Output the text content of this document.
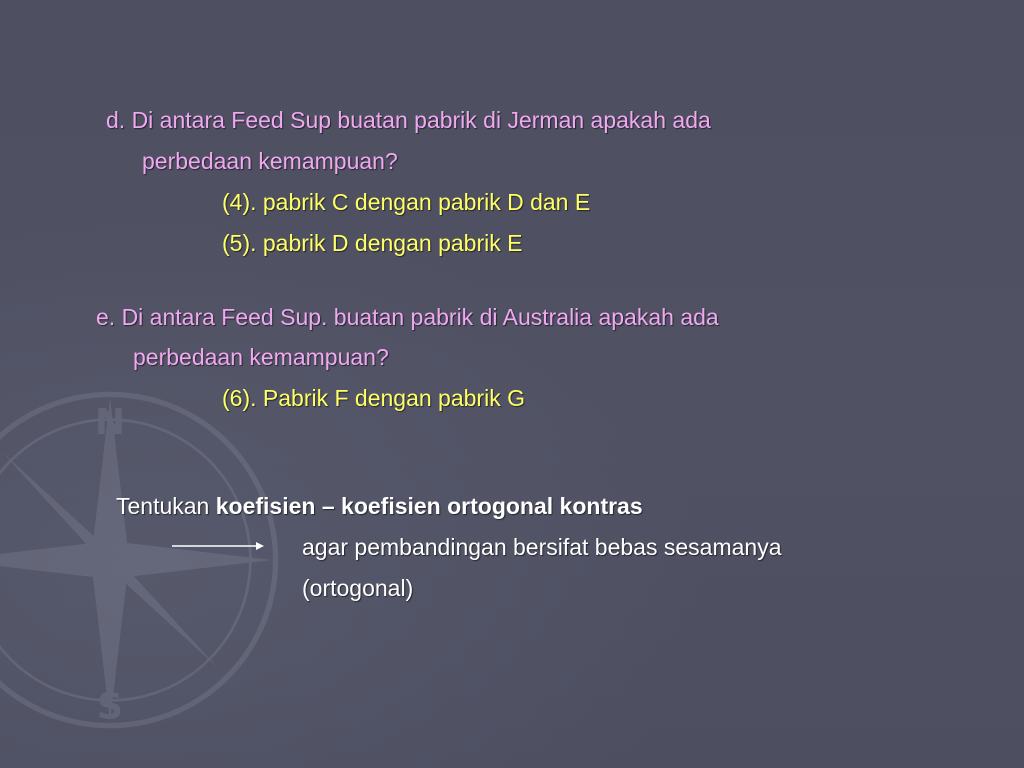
N
S
d. Di antara Feed Sup buatan pabrik di Jerman apakah ada
perbedaan kemampuan?
(4). pabrik C dengan pabrik D dan E
(5). pabrik D dengan pabrik E
e. Di antara Feed Sup. buatan pabrik di Australia apakah ada
perbedaan kemampuan?
(6). Pabrik F dengan pabrik G
Tentukan koefisien – koefisien ortogonal kontras
agar pembandingan bersifat bebas sesamanya
(ortogonal)
